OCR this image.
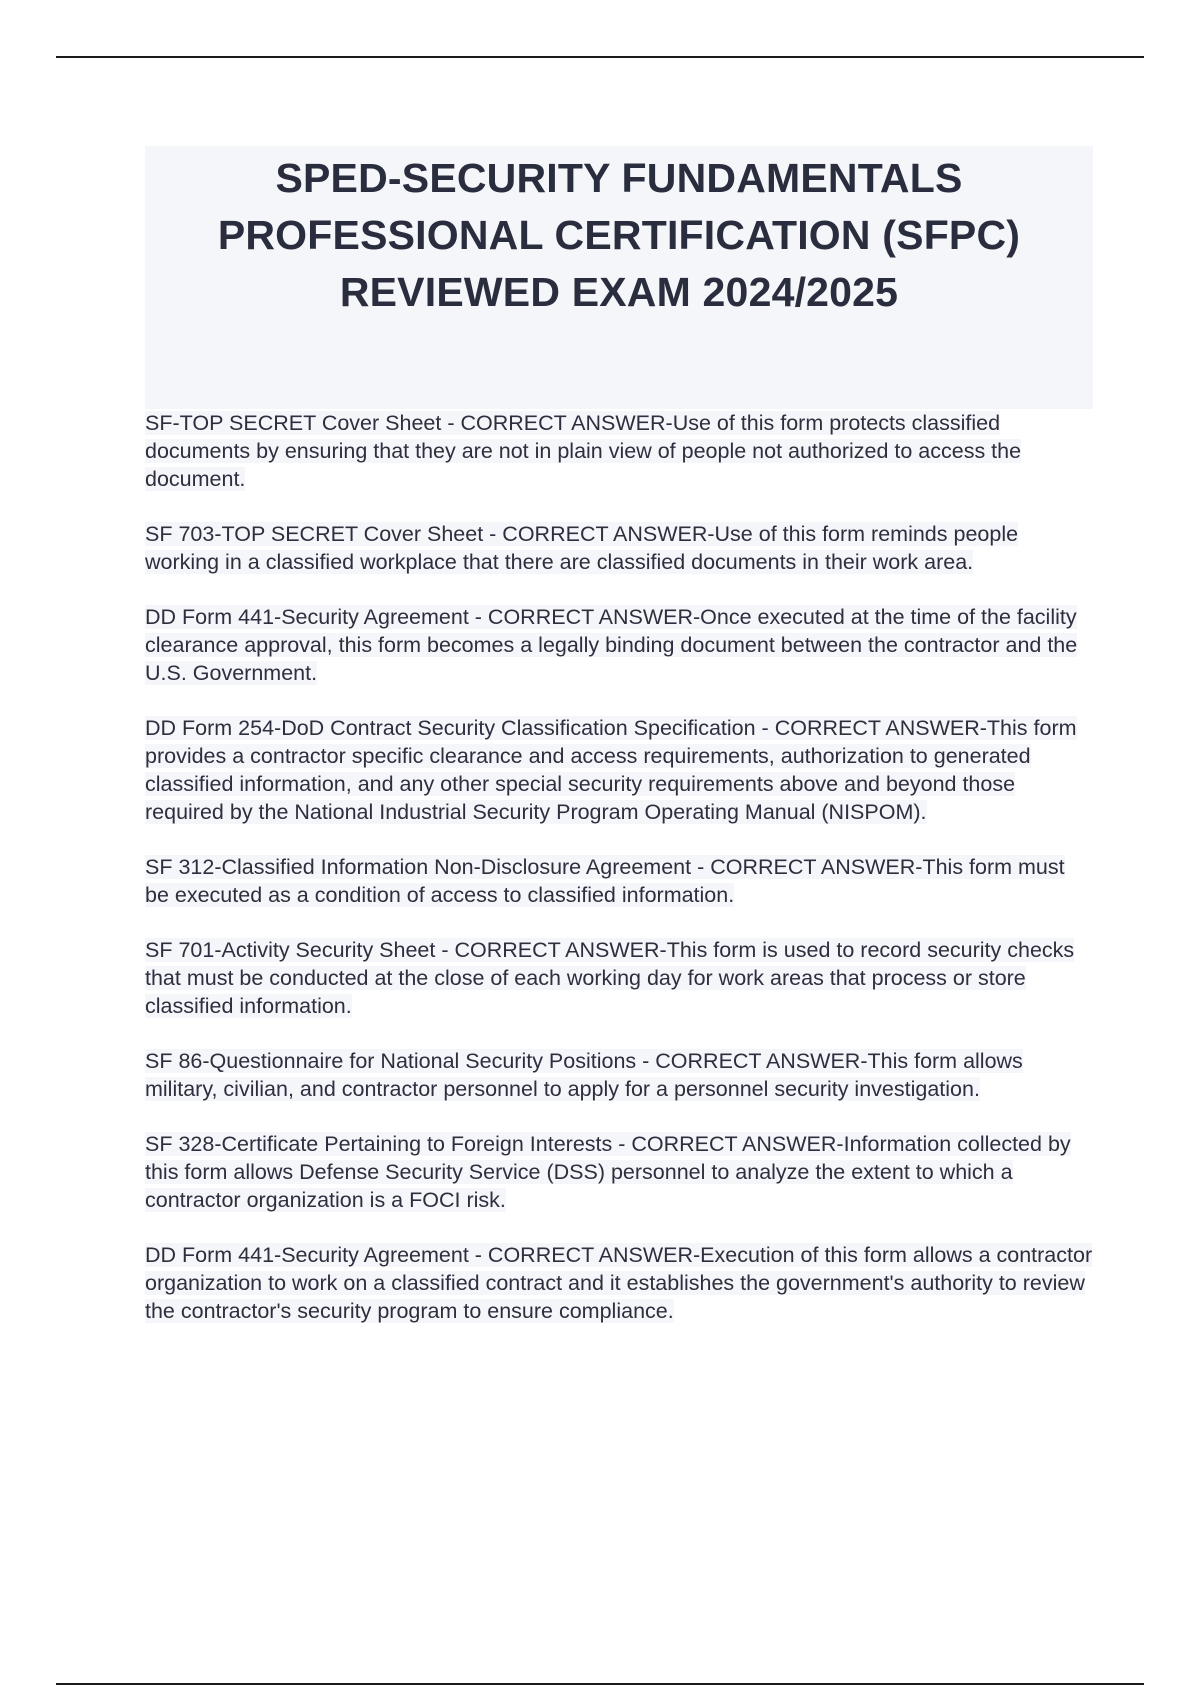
SPED-SECURITY FUNDAMENTALS
PROFESSIONAL CERTIFICATION (SFPC)
REVIEWED EXAM 2024/2025
SF-TOP SECRET Cover Sheet - CORRECT ANSWER-Use of this form protects classified documents by ensuring that they are not in plain view of people not authorized to access the document.
SF 703-TOP SECRET Cover Sheet - CORRECT ANSWER-Use of this form reminds people working in a classified workplace that there are classified documents in their work area.
DD Form 441-Security Agreement - CORRECT ANSWER-Once executed at the time of the facility clearance approval, this form becomes a legally binding document between the contractor and the U.S. Government.
DD Form 254-DoD Contract Security Classification Specification - CORRECT ANSWER-This form provides a contractor specific clearance and access requirements, authorization to generated classified information, and any other special security requirements above and beyond those required by the National Industrial Security Program Operating Manual (NISPOM).
SF 312-Classified Information Non-Disclosure Agreement - CORRECT ANSWER-This form must be executed as a condition of access to classified information.
SF 701-Activity Security Sheet - CORRECT ANSWER-This form is used to record security checks that must be conducted at the close of each working day for work areas that process or store classified information.
SF 86-Questionnaire for National Security Positions - CORRECT ANSWER-This form allows military, civilian, and contractor personnel to apply for a personnel security investigation.
SF 328-Certificate Pertaining to Foreign Interests - CORRECT ANSWER-Information collected by this form allows Defense Security Service (DSS) personnel to analyze the extent to which a contractor organization is a FOCI risk.
DD Form 441-Security Agreement - CORRECT ANSWER-Execution of this form allows a contractor organization to work on a classified contract and it establishes the government's authority to review the contractor's security program to ensure compliance.
